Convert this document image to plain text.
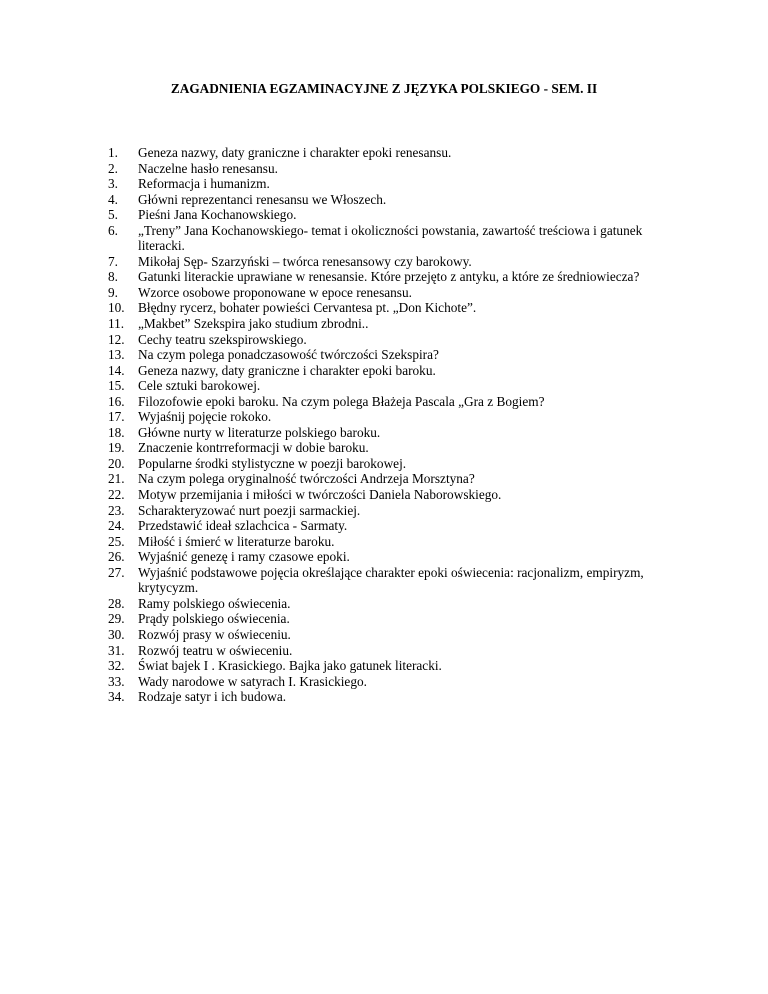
ZAGADNIENIA EGZAMINACYJNE Z JĘZYKA POLSKIEGO - SEM. II
1.	Geneza nazwy, daty graniczne i charakter epoki renesansu.
2.	Naczelne hasło renesansu.
3.	Reformacja i humanizm.
4.	Główni reprezentanci renesansu we Włoszech.
5.	Pieśni Jana Kochanowskiego.
6.	„Treny” Jana Kochanowskiego- temat i okoliczności powstania, zawartość treściowa i gatunek literacki.
7.	Mikołaj Sęp- Szarzyński – twórca renesansowy czy barokowy.
8.	Gatunki literackie uprawiane w renesansie. Które przejęto z antyku, a które ze średniowiecza?
9.	Wzorce osobowe proponowane w epoce renesansu.
10.	Błędny rycerz, bohater powieści Cervantesa pt. „Don Kichote”.
11.	„Makbet” Szekspira jako studium zbrodni..
12.	Cechy teatru szekspirowskiego.
13.	Na czym polega ponadczasowość twórczości Szekspira?
14.	Geneza nazwy, daty graniczne i charakter epoki baroku.
15.	Cele sztuki barokowej.
16.	Filozofowie epoki baroku. Na czym polega Błażeja Pascala „Gra z Bogiem?
17.	Wyjaśnij pojęcie rokoko.
18.	Główne nurty w literaturze polskiego baroku.
19.	Znaczenie kontrreformacji w dobie baroku.
20.	Popularne środki stylistyczne w poezji barokowej.
21.	Na czym polega oryginalność twórczości Andrzeja Morsztyna?
22.	Motyw przemijania i miłości w twórczości Daniela Naborowskiego.
23.	Scharakteryzować nurt poezji sarmackiej.
24.	Przedstawić ideał szlachcica - Sarmaty.
25.	Miłość i śmierć w literaturze baroku.
26.	Wyjaśnić genezę i ramy czasowe epoki.
27.	Wyjaśnić podstawowe pojęcia określające charakter epoki oświecenia: racjonalizm, empiryzm, krytycyzm.
28.	Ramy polskiego oświecenia.
29.	Prądy polskiego oświecenia.
30.	Rozwój prasy w oświeceniu.
31.	Rozwój teatru w oświeceniu.
32.	Świat bajek I . Krasickiego. Bajka jako gatunek literacki.
33.	Wady narodowe w satyrach I. Krasickiego.
34.	Rodzaje satyr i ich budowa.
